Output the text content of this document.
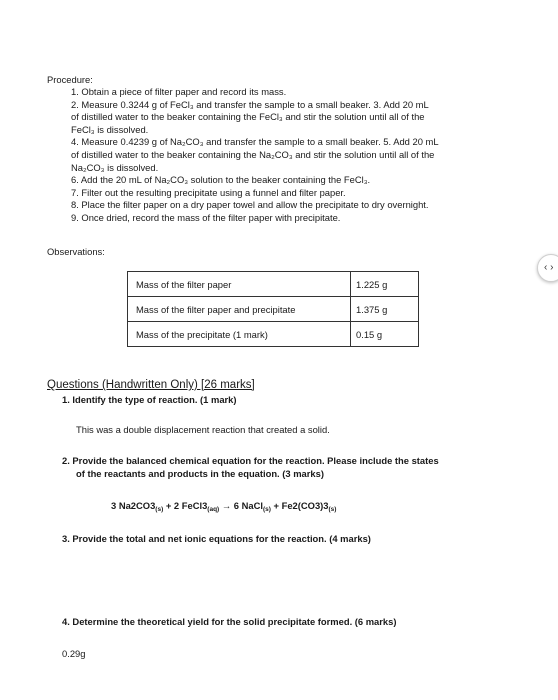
Procedure:
1. Obtain a piece of filter paper and record its mass.
2. Measure 0.3244 g of FeCl₃ and transfer the sample to a small beaker. 3. Add 20 mL
of distilled water to the beaker containing the FeCl₃ and stir the solution until all of the
FeCl₃ is dissolved.
4. Measure 0.4239 g of Na₂CO₃ and transfer the sample to a small beaker. 5. Add 20 mL
of distilled water to the beaker containing the Na₂CO₃ and stir the solution until all of the
Na₂CO₃ is dissolved.
6. Add the 20 mL of Na₂CO₃ solution to the beaker containing the FeCl₃.
7. Filter out the resulting precipitate using a funnel and filter paper.
8. Place the filter paper on a dry paper towel and allow the precipitate to dry overnight.
9. Once dried, record the mass of the filter paper with precipitate.
Observations:
Mass of the filter paper	1.225 g
Mass of the filter paper and precipitate	1.375 g
Mass of the precipitate (1 mark)	0.15 g
‹ ›
Questions (Handwritten Only) [26 marks]
1. Identify the type of reaction. (1 mark)
This was a double displacement reaction that created a solid.
2. Provide the balanced chemical equation for the reaction. Please include the states
of the reactants and products in the equation. (3 marks)
3 $Na2CO3_{(s)} + 2$ $FeCl3_{(aq)} \to 6$ NaCl$_{(s)}$ + $Fe2(CO3)3_{(s)}$
3. Provide the total and net ionic equations for the reaction. (4 marks)
4. Determine the theoretical yield for the solid precipitate formed. (6 marks)
0.29g
